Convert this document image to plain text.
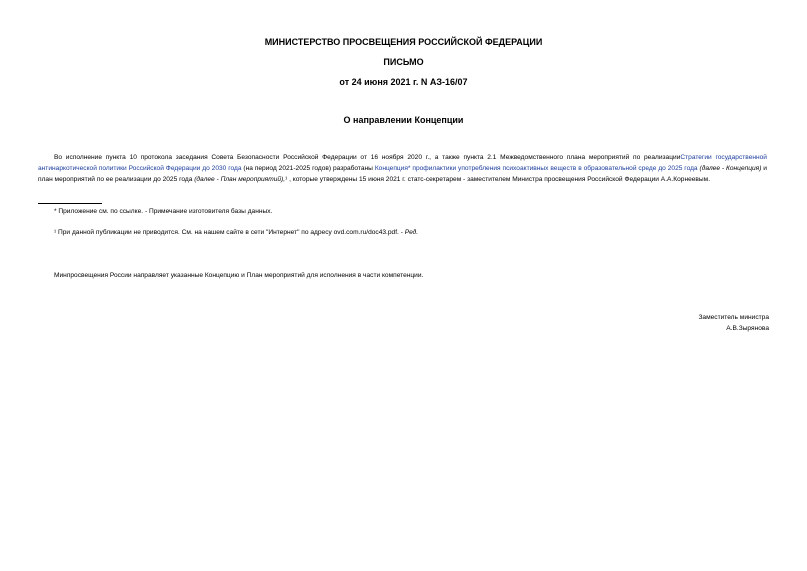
МИНИСТЕРСТВО ПРОСВЕЩЕНИЯ РОССИЙСКОЙ ФЕДЕРАЦИИ
ПИСЬМО
от 24 июня 2021 г. N АЗ-16/07
О направлении Концепции
Во исполнение пункта 10 протокола заседания Совета Безопасности Российской Федерации от 16 ноября 2020 г., а также пункта 2.1 Межведомственного плана мероприятий по реализацииСтратегии государственной антинаркотической политики Российской Федерации до 2030 года (на период 2021-2025 годов) разработаны Концепция* профилактики употребления психоактивных веществ в образовательной среде до 2025 года (далее - Концепция) и план мероприятий по ее реализации до 2025 года (далее - План мероприятий),¹ , которые утверждены 15 июня 2021 г. статс-секретарем - заместителем Министра просвещения Российской Федерации А.А.Корнеевым.
* Приложение см. по ссылке. - Примечание изготовителя базы данных.
¹ При данной публикации не приводится. См. на нашем сайте в сети "Интернет" по адресу ovd.com.ru/doc43.pdf. - Ред.
Минпросвещения России направляет указанные Концепцию и План мероприятий для исполнения в части компетенции.
Заместитель министра
А.В.Зырянова
